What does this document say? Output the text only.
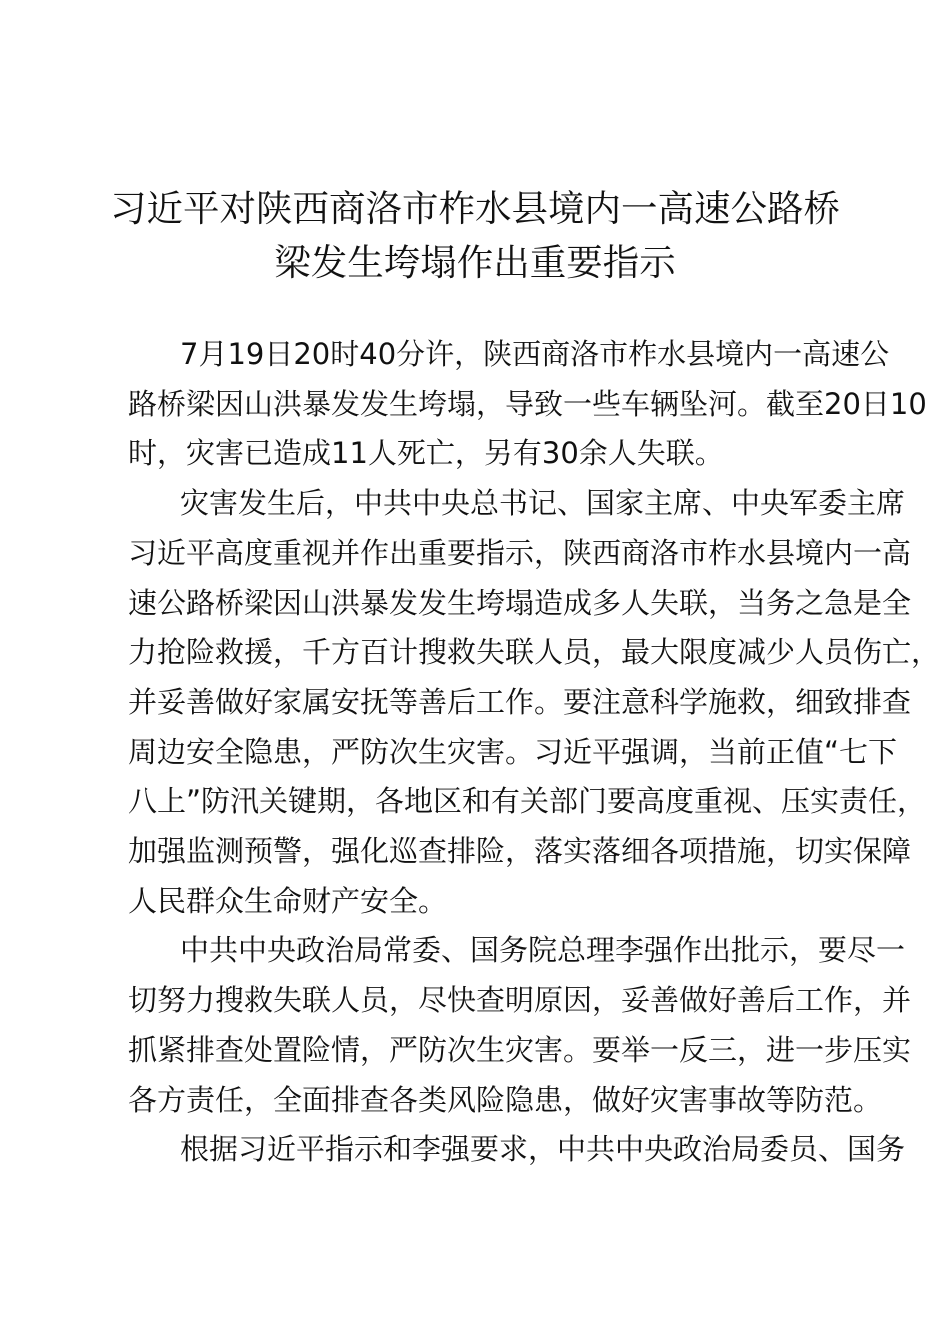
习近平对陕西商洛市柞水县境内一高速公路桥
梁发生垮塌作出重要指示
7月19日20时40分许，陕西商洛市柞水县境内一高速公
路桥梁因山洪暴发发生垮塌，导致一些车辆坠河。截至20日10
时，灾害已造成11人死亡，另有30余人失联。
灾害发生后，中共中央总书记、国家主席、中央军委主席
习近平高度重视并作出重要指示，陕西商洛市柞水县境内一高
速公路桥梁因山洪暴发发生垮塌造成多人失联，当务之急是全
力抢险救援，千方百计搜救失联人员，最大限度减少人员伤亡，
并妥善做好家属安抚等善后工作。要注意科学施救，细致排查
周边安全隐患，严防次生灾害。习近平强调，当前正值“七下
八上”防汛关键期，各地区和有关部门要高度重视、压实责任，
加强监测预警，强化巡查排险，落实落细各项措施，切实保障
人民群众生命财产安全。
中共中央政治局常委、国务院总理李强作出批示，要尽一
切努力搜救失联人员，尽快查明原因，妥善做好善后工作，并
抓紧排查处置险情，严防次生灾害。要举一反三，进一步压实
各方责任，全面排查各类风险隐患，做好灾害事故等防范。
根据习近平指示和李强要求，中共中央政治局委员、国务
